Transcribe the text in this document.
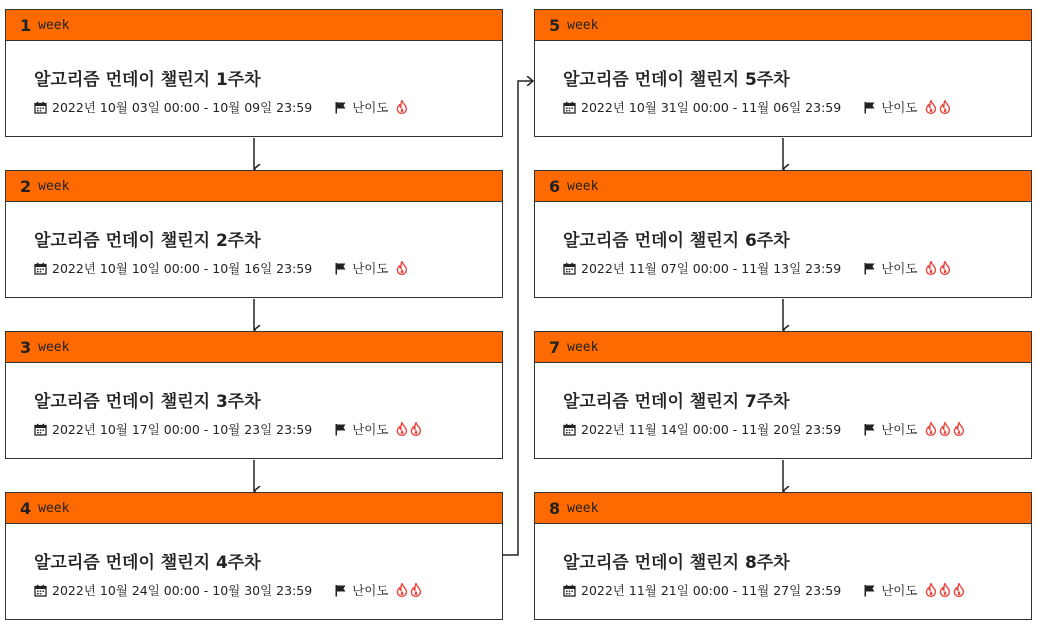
1 week
알고리즘 먼데이 챌린지 1주차
2022년 10월 03일 00:00 - 10월 09일 23:59	난이도
2 week
알고리즘 먼데이 챌린지 2주차
2022년 10월 10일 00:00 - 10월 16일 23:59	난이도
3 week
알고리즘 먼데이 챌린지 3주차
2022년 10월 17일 00:00 - 10월 23일 23:59	난이도
4 week
알고리즘 먼데이 챌린지 4주차
2022년 10월 24일 00:00 - 10월 30일 23:59	난이도
5 week
알고리즘 먼데이 챌린지 5주차
2022년 10월 31일 00:00 - 11월 06일 23:59	난이도
6 week
알고리즘 먼데이 챌린지 6주차
2022년 11월 07일 00:00 - 11월 13일 23:59	난이도
7 week
알고리즘 먼데이 챌린지 7주차
2022년 11월 14일 00:00 - 11월 20일 23:59	난이도
8 week
알고리즘 먼데이 챌린지 8주차
2022년 11월 21일 00:00 - 11월 27일 23:59	난이도
